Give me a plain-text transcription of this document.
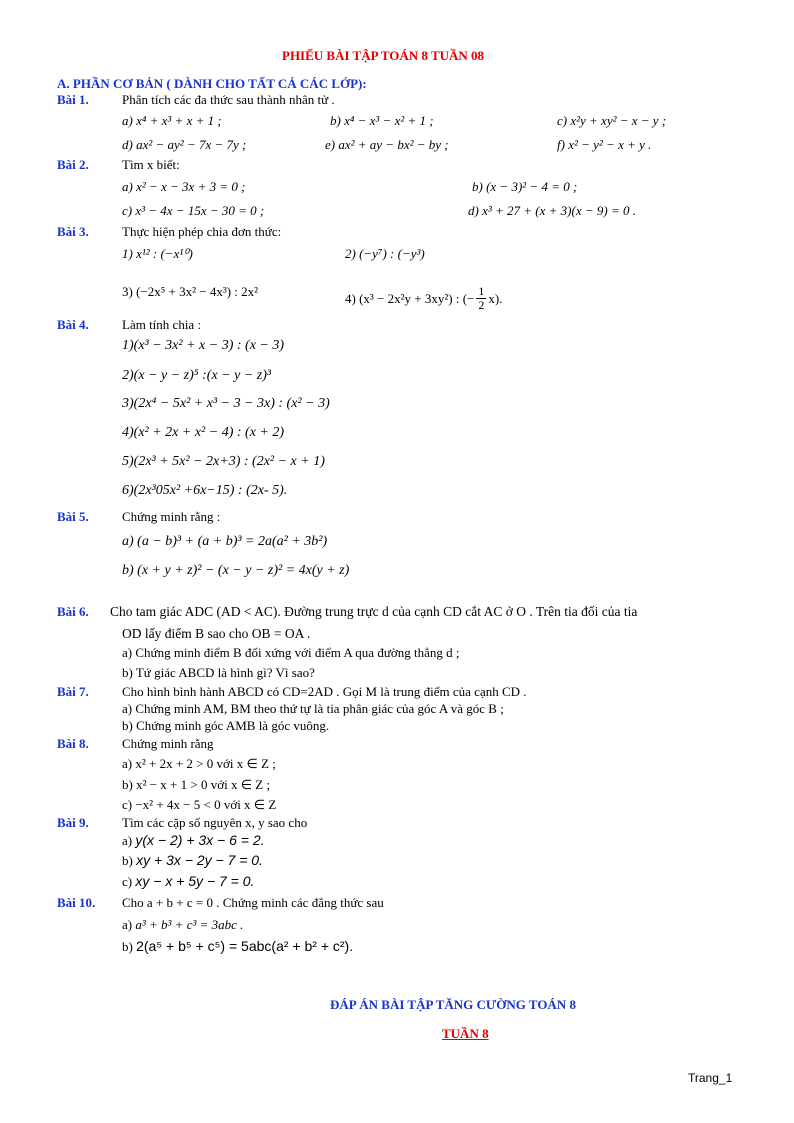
PHIẾU BÀI TẬP TOÁN 8 TUẦN 08
A. PHẦN CƠ BẢN ( DÀNH CHO TẤT CẢ CÁC LỚP):
Bài 1.	Phân tích các đa thức sau thành nhân tử .
a) x⁴ + x³ + x + 1 ;	b) x⁴ − x³ − x² + 1 ;	c) x²y + xy² − x − y ;
d) ax² − ay² − 7x − 7y ;	e) ax² + ay − bx² − by ;	f) x² − y² − x + y .
Bài 2.	Tìm x biết:
a) x² − x − 3x + 3 = 0 ;	b) (x − 3)² − 4 = 0 ;
c) x³ − 4x − 15x − 30 = 0 ;	d) x³ + 27 + (x + 3)(x − 9) = 0 .
Bài 3.	Thực hiện phép chia đơn thức:
1) x¹² : (−x¹⁰)	2) (−y⁷) : (−y³)
3) (−2x⁵ + 3x² − 4x³) : 2x²	4) (x³ − 2x²y + 3xy²) : (− $\frac{1}{2} x$).
Bài 4.	Làm tính chia :
1)(x³ − 3x² + x − 3) : (x − 3)
2)(x − y − z)⁵ :(x − y − z)³
3)(2x⁴ − 5x² + x³ − 3 − 3x) : (x² − 3)
4)(x² + 2x + x² − 4) : (x + 2)
5)(2x³ + 5x² − 2x+3) : (2x² − x + 1)
6)(2x³05x² +6x−15) : (2x- 5).
Bài 5.	Chứng minh rằng :
a) (a − b)³ + (a + b)³ = 2a(a² + 3b²)
b) (x + y + z)² − (x − y − z)² = 4x(y + z)
Bài 6. Cho tam giác ADC (AD < AC). Đường trung trực d của cạnh CD cắt AC ở O . Trên tia đối của tia
OD lấy điểm B sao cho OB = OA .
a) Chứng minh điểm B đối xứng với điểm A qua đường thẳng d ;
b) Tứ giác ABCD là hình gì? Vì sao?
Bài 7.	Cho hình bình hành ABCD có CD=2AD . Gọi M là trung điểm của cạnh CD .
a) Chứng minh AM, BM theo thứ tự là tia phân giác của góc A và góc B ;
b) Chứng minh góc AMB là góc vuông.
Bài 8.	Chứng minh rằng
a) x² + 2x + 2 > 0 với x ∈ Z ;
b) x² − x + 1 > 0 với x ∈ Z ;
c) −x² + 4x − 5 < 0 với x ∈ Z
Bài 9.	Tìm các cặp số nguyên x, y sao cho
a) y(x − 2) + 3x − 6 = 2.
b) xy + 3x − 2y − 7 = 0.
c) xy − x + 5y − 7 = 0.
Bài 10. Cho a + b + c = 0 . Chứng minh các đẳng thức sau
a) a³ + b³ + c³ = 3abc .
b) 2(a⁵ + b⁵ + c⁵) = 5abc(a² + b² + c²).
ĐÁP ÁN BÀI TẬP TĂNG CƯỜNG TOÁN 8
TUẦN 8
Trang_1
